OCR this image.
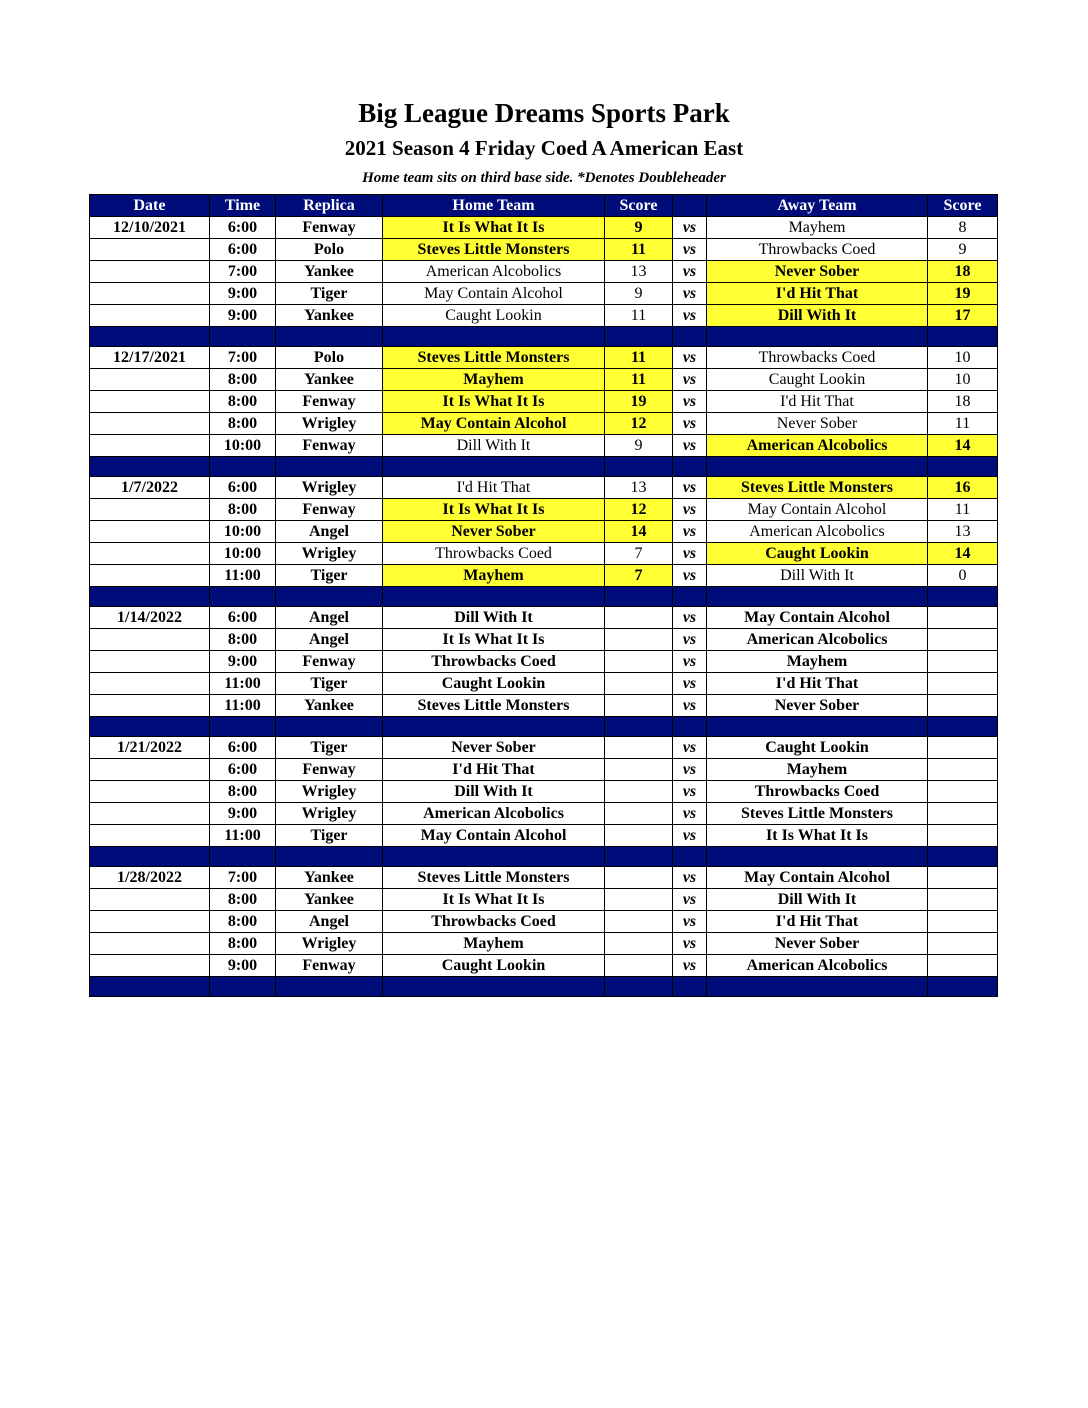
Big League Dreams Sports Park
2021 Season 4 Friday Coed A American East
Home team sits on third base side. *Denotes Doubleheader
Date	Time	Replica	Home Team	Score		Away Team	Score
12/10/2021	6:00	Fenway	It Is What It Is	9	vs	Mayhem	8
	6:00	Polo	Steves Little Monsters	11	vs	Throwbacks Coed	9
	7:00	Yankee	American Alcobolics	13	vs	Never Sober	18
	9:00	Tiger	May Contain Alcohol	9	vs	I'd Hit That	19
	9:00	Yankee	Caught Lookin	11	vs	Dill With It	17

12/17/2021	7:00	Polo	Steves Little Monsters	11	vs	Throwbacks Coed	10
	8:00	Yankee	Mayhem	11	vs	Caught Lookin	10
	8:00	Fenway	It Is What It Is	19	vs	I'd Hit That	18
	8:00	Wrigley	May Contain Alcohol	12	vs	Never Sober	11
	10:00	Fenway	Dill With It	9	vs	American Alcobolics	14

1/7/2022	6:00	Wrigley	I'd Hit That	13	vs	Steves Little Monsters	16
	8:00	Fenway	It Is What It Is	12	vs	May Contain Alcohol	11
	10:00	Angel	Never Sober	14	vs	American Alcobolics	13
	10:00	Wrigley	Throwbacks Coed	7	vs	Caught Lookin	14
	11:00	Tiger	Mayhem	7	vs	Dill With It	0

1/14/2022	6:00	Angel	Dill With It		vs	May Contain Alcohol	
	8:00	Angel	It Is What It Is		vs	American Alcobolics	
	9:00	Fenway	Throwbacks Coed		vs	Mayhem	
	11:00	Tiger	Caught Lookin		vs	I'd Hit That	
	11:00	Yankee	Steves Little Monsters		vs	Never Sober	

1/21/2022	6:00	Tiger	Never Sober		vs	Caught Lookin	
	6:00	Fenway	I'd Hit That		vs	Mayhem	
	8:00	Wrigley	Dill With It		vs	Throwbacks Coed	
	9:00	Wrigley	American Alcobolics		vs	Steves Little Monsters	
	11:00	Tiger	May Contain Alcohol		vs	It Is What It Is	

1/28/2022	7:00	Yankee	Steves Little Monsters		vs	May Contain Alcohol	
	8:00	Yankee	It Is What It Is		vs	Dill With It	
	8:00	Angel	Throwbacks Coed		vs	I'd Hit That	
	8:00	Wrigley	Mayhem		vs	Never Sober	
	9:00	Fenway	Caught Lookin		vs	American Alcobolics	
